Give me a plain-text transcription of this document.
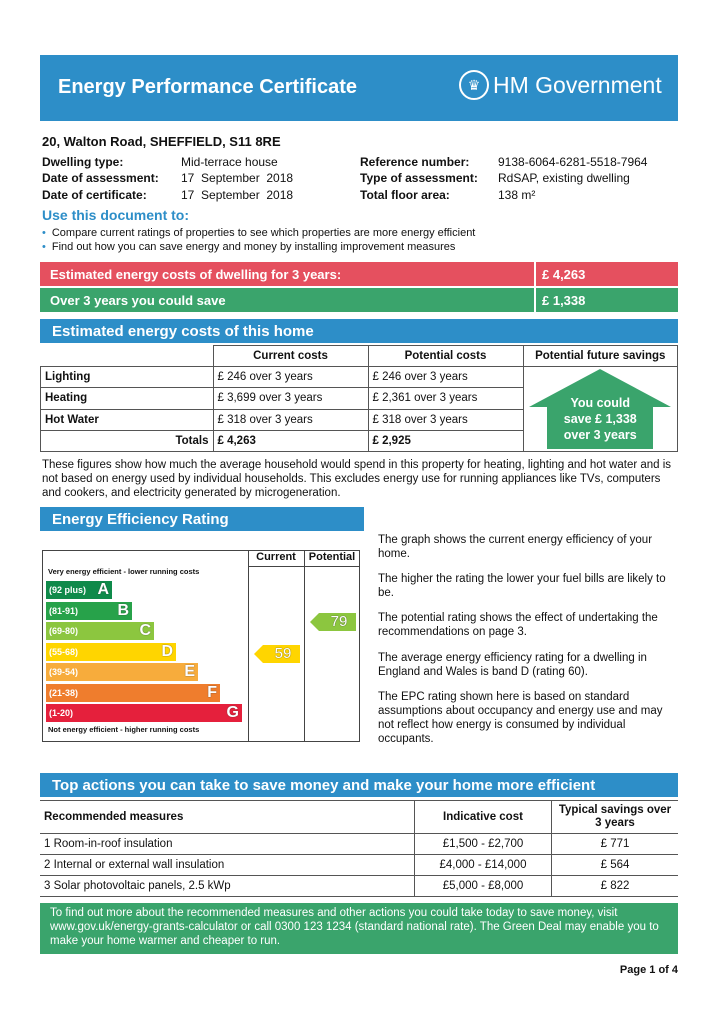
Energy Performance Certificate	♛ HM Government
20, Walton Road, SHEFFIELD, S11 8RE
Dwelling type:	Mid-terrace house
Date of assessment: 17  September  2018
Date of certificate:	17  September  2018
Reference number: 9138-6064-6281-5518-7964
Type of assessment: RdSAP, existing dwelling
Total floor area:	138 m²
Use this document to:
• Compare current ratings of properties to see which properties are more energy efficient
• Find out how you can save energy and money by installing improvement measures
Estimated energy costs of dwelling for 3 years:	£ 4,263
Over 3 years you could save	£ 1,338
Estimated energy costs of this home
	Current costs	Potential costs	Potential future savings
Lighting	£ 246 over 3 years	£ 246 over 3 years	You could
save £ 1,338
over 3 years

Heating	£ 3,699 over 3 years	£ 2,361 over 3 years	
Hot Water	£ 318 over 3 years	£ 318 over 3 years	
Totals	£ 4,263	£ 2,925	
These figures show how much the average household would spend in this property for heating, lighting and hot water and is not based on energy used by individual households. This excludes energy use for running appliances like TVs, computers and cookers, and electricity generated by microgeneration.
Energy Efficiency Rating
Current	Potential
Very energy efficient - lower running costs
Not energy efficient - higher running costs
(92 plus) A
(81-91) B
(69-80)	C
(55-68)	D
(39-54)	E
(21-38)	F
(1-20)	G
59
79
The graph shows the current energy efficiency of your home.
The higher the rating the lower your fuel bills are likely to be.
The potential rating shows the effect of undertaking the recommendations on page 3.
The average energy efficiency rating for a dwelling in England and Wales is band D (rating 60).
The EPC rating shown here is based on standard assumptions about occupancy and energy use and may not reflect how energy is consumed by individual occupants.
Top actions you can take to save money and make your home more efficient
Recommended measures	Indicative cost	Typical savings over 3 years
1 Room-in-roof insulation	£1,500 - £2,700	£ 771
2 Internal or external wall insulation	£4,000 - £14,000	£ 564
3 Solar photovoltaic panels, 2.5 kWp	£5,000 - £8,000	£ 822
To find out more about the recommended measures and other actions you could take today to save money, visit www.gov.uk/energy-grants-calculator or call 0300 123 1234 (standard national rate). The Green Deal may enable you to make your home warmer and cheaper to run.
Page 1 of 4
